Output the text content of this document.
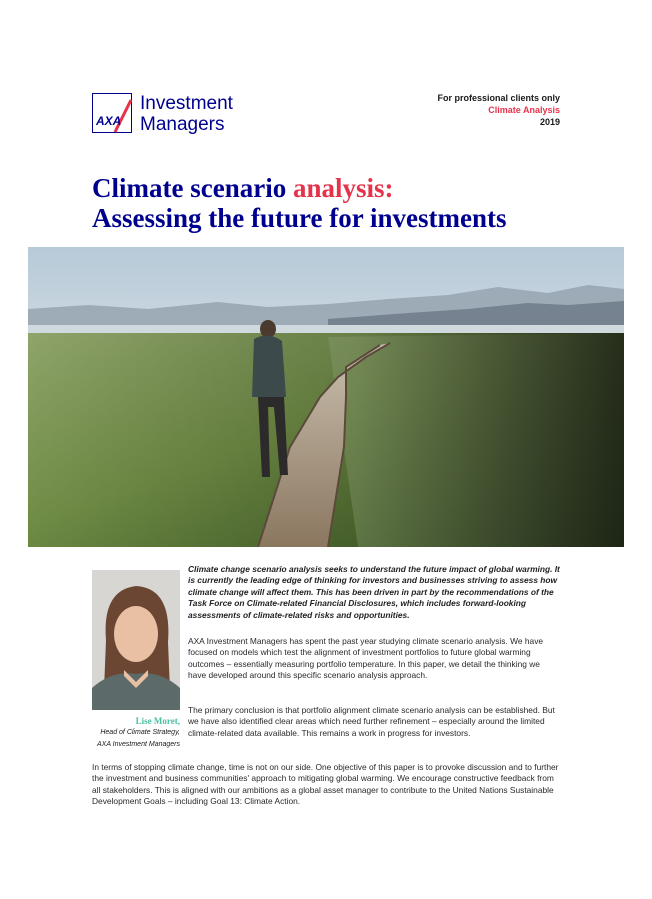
AXA
Investment
Managers
For professional clients only
Climate Analysis
2019
Climate scenario analysis:
Assessing the future for investments
Lise Moret,
Head of Climate Strategy,
AXA Investment Managers
Climate change scenario analysis seeks to understand the future impact of global warming. It is currently the leading edge of thinking for investors and businesses striving to assess how climate change will affect them. This has been driven in part by the recommendations of the Task Force on Climate-related Financial Disclosures, which includes forward-looking assessments of climate-related risks and opportunities.
AXA Investment Managers has spent the past year studying climate scenario analysis. We have focused on models which test the alignment of investment portfolios to future global warming outcomes – essentially measuring portfolio temperature. In this paper, we detail the thinking we have developed around this specific scenario analysis approach.
The primary conclusion is that portfolio alignment climate scenario analysis can be established. But we have also identified clear areas which need further refinement – especially around the limited climate-related data available. This remains a work in progress for investors.
In terms of stopping climate change, time is not on our side. One objective of this paper is to provoke discussion and to further the investment and business communities' approach to mitigating global warming. We encourage constructive feedback from all stakeholders. This is aligned with our ambitions as a global asset manager to contribute to the United Nations Sustainable Development Goals – including Goal 13: Climate Action.
